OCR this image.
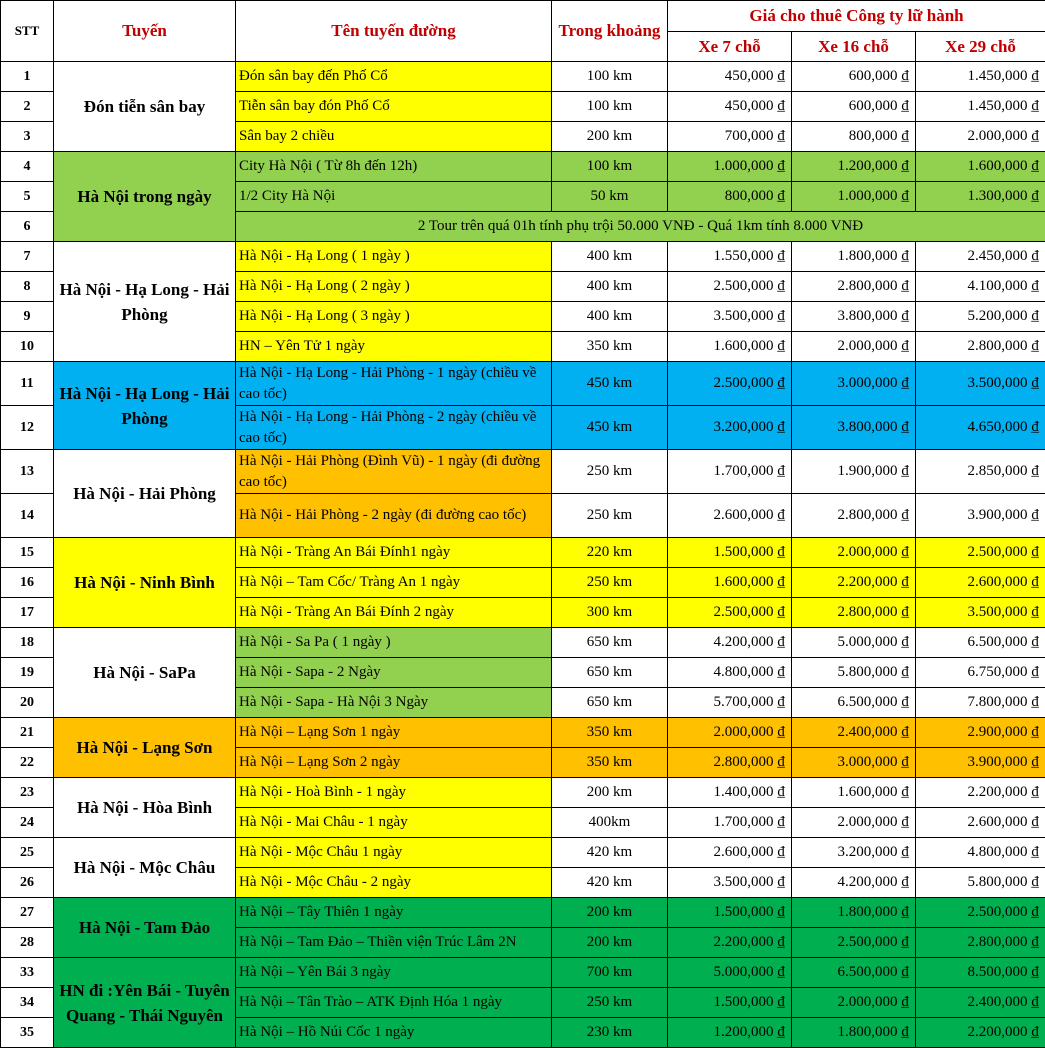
STT	Tuyến	Tên tuyến đường	Trong khoảng	Giá cho thuê Công ty lữ hành		
				Xe 7 chỗ	Xe 16 chỗ	Xe 29 chỗ
1	Đón tiễn sân bay	Đón sân bay đến Phố Cổ	100 km	450,000 ₫	600,000 ₫	1.450,000 ₫
2		Tiễn sân bay đón Phố Cổ	100 km	450,000 ₫	600,000 ₫	1.450,000 ₫
3		Sân bay 2 chiều	200 km	700,000 ₫	800,000 ₫	2.000,000 ₫
4	Hà Nội trong ngày	City Hà Nội ( Từ 8h đến 12h)	100 km	1.000,000 ₫	1.200,000 ₫	1.600,000 ₫
5		1/2 City Hà Nội	50 km	800,000 ₫	1.000,000 ₫	1.300,000 ₫
6		2 Tour trên quá 01h tính phụ trội 50.000 VNĐ - Quá 1km tính 8.000 VNĐ				
7	Hà Nội - Hạ Long - Hải Phòng	Hà Nội - Hạ Long ( 1 ngày )	400 km	1.550,000 ₫	1.800,000 ₫	2.450,000 ₫
8		Hà Nội - Hạ Long ( 2 ngày )	400 km	2.500,000 ₫	2.800,000 ₫	4.100,000 ₫
9		Hà Nội - Hạ Long ( 3 ngày )	400 km	3.500,000 ₫	3.800,000 ₫	5.200,000 ₫
10		HN – Yên Tử 1 ngày	350 km	1.600,000 ₫	2.000,000 ₫	2.800,000 ₫
11	Hà Nội - Hạ Long - Hải Phòng	Hà Nội - Hạ Long - Hải Phòng - 1 ngày (chiều về cao tốc)	450 km	2.500,000 ₫	3.000,000 ₫	3.500,000 ₫
12		Hà Nội - Hạ Long - Hải Phòng - 2 ngày (chiều về cao tốc)	450 km	3.200,000 ₫	3.800,000 ₫	4.650,000 ₫
13	Hà Nội - Hải Phòng	Hà Nội - Hải Phòng (Đình Vũ) - 1 ngày (đi đường cao tốc)	250 km	1.700,000 ₫	1.900,000 ₫	2.850,000 ₫
14		Hà Nội - Hải Phòng - 2 ngày (đi đường cao tốc)	250 km	2.600,000 ₫	2.800,000 ₫	3.900,000 ₫
15	Hà Nội - Ninh Bình	Hà Nội - Tràng An Bái Đính1 ngày	220 km	1.500,000 ₫	2.000,000 ₫	2.500,000 ₫
16		Hà Nội – Tam Cốc/ Tràng An 1 ngày	250 km	1.600,000 ₫	2.200,000 ₫	2.600,000 ₫
17		Hà Nội - Tràng An Bái Đính 2 ngày	300 km	2.500,000 ₫	2.800,000 ₫	3.500,000 ₫
18	Hà Nội - SaPa	Hà Nội - Sa Pa ( 1 ngày )	650 km	4.200,000 ₫	5.000,000 ₫	6.500,000 ₫
19		Hà Nội - Sapa - 2 Ngày	650 km	4.800,000 ₫	5.800,000 ₫	6.750,000 ₫
20		Hà Nội - Sapa - Hà Nội 3 Ngày	650 km	5.700,000 ₫	6.500,000 ₫	7.800,000 ₫
21	Hà Nội - Lạng Sơn	Hà Nội – Lạng Sơn 1 ngày	350 km	2.000,000 ₫	2.400,000 ₫	2.900,000 ₫
22		Hà Nội – Lạng Sơn 2 ngày	350 km	2.800,000 ₫	3.000,000 ₫	3.900,000 ₫
23	Hà Nội - Hòa Bình	Hà Nội - Hoà Bình - 1 ngày	200 km	1.400,000 ₫	1.600,000 ₫	2.200,000 ₫
24		Hà Nội - Mai Châu - 1 ngày	400km	1.700,000 ₫	2.000,000 ₫	2.600,000 ₫
25	Hà Nội - Mộc Châu	Hà Nội - Mộc Châu 1 ngày	420 km	2.600,000 ₫	3.200,000 ₫	4.800,000 ₫
26		Hà Nội - Mộc Châu - 2 ngày	420 km	3.500,000 ₫	4.200,000 ₫	5.800,000 ₫
27	Hà Nội - Tam Đảo	Hà Nội – Tây Thiên 1 ngày	200 km	1.500,000 ₫	1.800,000 ₫	2.500,000 ₫
28		Hà Nội – Tam Đảo – Thiền viện Trúc Lâm 2N	200 km	2.200,000 ₫	2.500,000 ₫	2.800,000 ₫
33	HN đi :Yên Bái - Tuyên Quang - Thái Nguyên	Hà Nội – Yên Bái 3 ngày	700 km	5.000,000 ₫	6.500,000 ₫	8.500,000 ₫
34		Hà Nội – Tân Trào – ATK Định Hóa 1 ngày	250 km	1.500,000 ₫	2.000,000 ₫	2.400,000 ₫
35		Hà Nội – Hồ Núi Cốc 1 ngày	230 km	1.200,000 ₫	1.800,000 ₫	2.200,000 ₫
